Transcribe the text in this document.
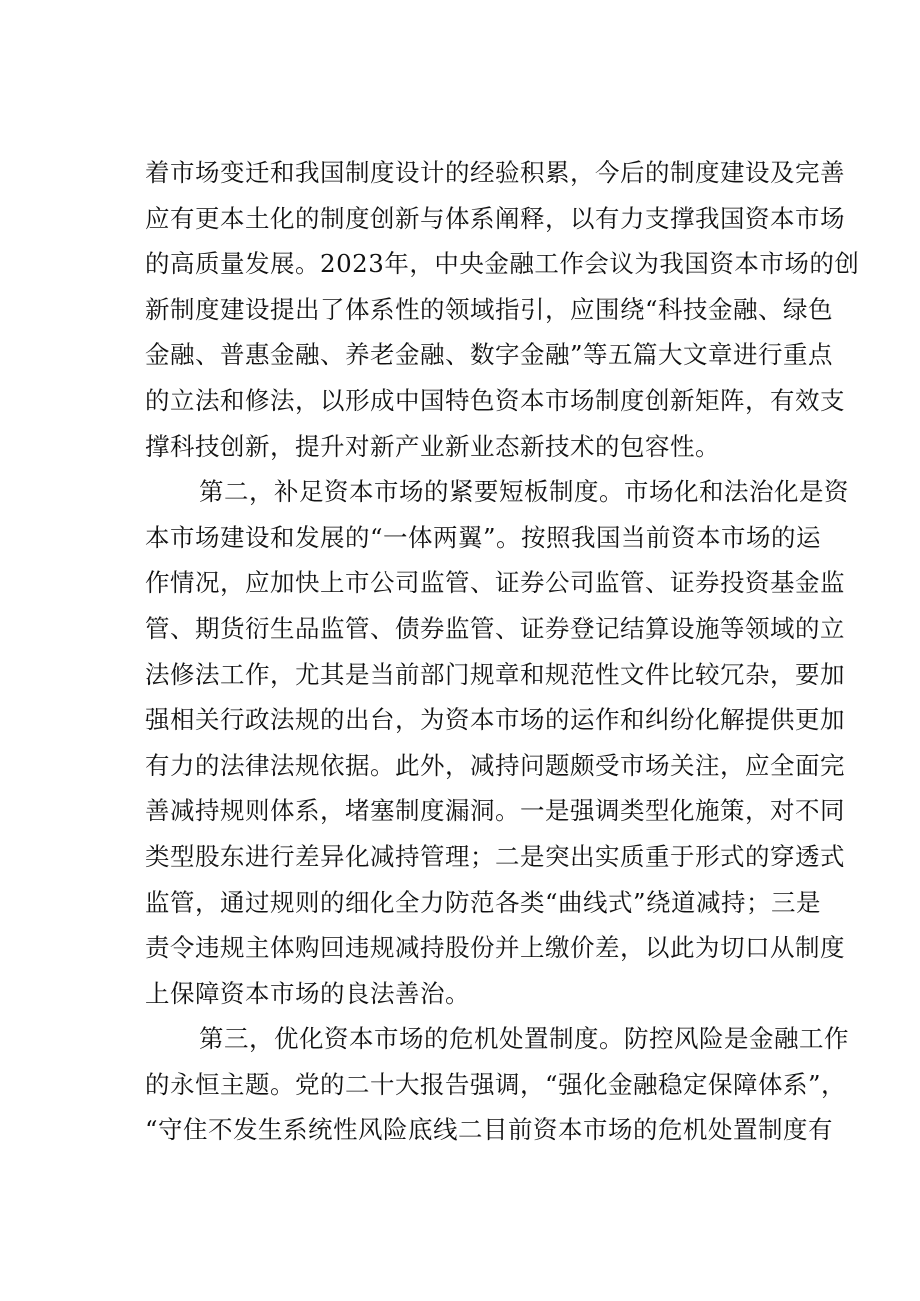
着市场变迁和我国制度设计的经验积累，今后的制度建设及完善
应有更本土化的制度创新与体系阐释，以有力支撑我国资本市场
的高质量发展。2023年，中央金融工作会议为我国资本市场的创
新制度建设提出了体系性的领域指引，应围绕“科技金融、绿色
金融、普惠金融、养老金融、数字金融”等五篇大文章进行重点
的立法和修法，以形成中国特色资本市场制度创新矩阵，有效支
撑科技创新，提升对新产业新业态新技术的包容性。
第二，补足资本市场的紧要短板制度。市场化和法治化是资
本市场建设和发展的“一体两翼”。按照我国当前资本市场的运
作情况，应加快上市公司监管、证券公司监管、证券投资基金监
管、期货衍生品监管、债券监管、证券登记结算设施等领域的立
法修法工作，尤其是当前部门规章和规范性文件比较冗杂，要加
强相关行政法规的出台，为资本市场的运作和纠纷化解提供更加
有力的法律法规依据。此外，减持问题颇受市场关注，应全面完
善减持规则体系，堵塞制度漏洞。一是强调类型化施策，对不同
类型股东进行差异化减持管理；二是突出实质重于形式的穿透式
监管，通过规则的细化全力防范各类“曲线式”绕道减持；三是
责令违规主体购回违规减持股份并上缴价差，以此为切口从制度
上保障资本市场的良法善治。
第三，优化资本市场的危机处置制度。防控风险是金融工作
的永恒主题。党的二十大报告强调，“强化金融稳定保障体系”，
“守住不发生系统性风险底线二目前资本市场的危机处置制度有
